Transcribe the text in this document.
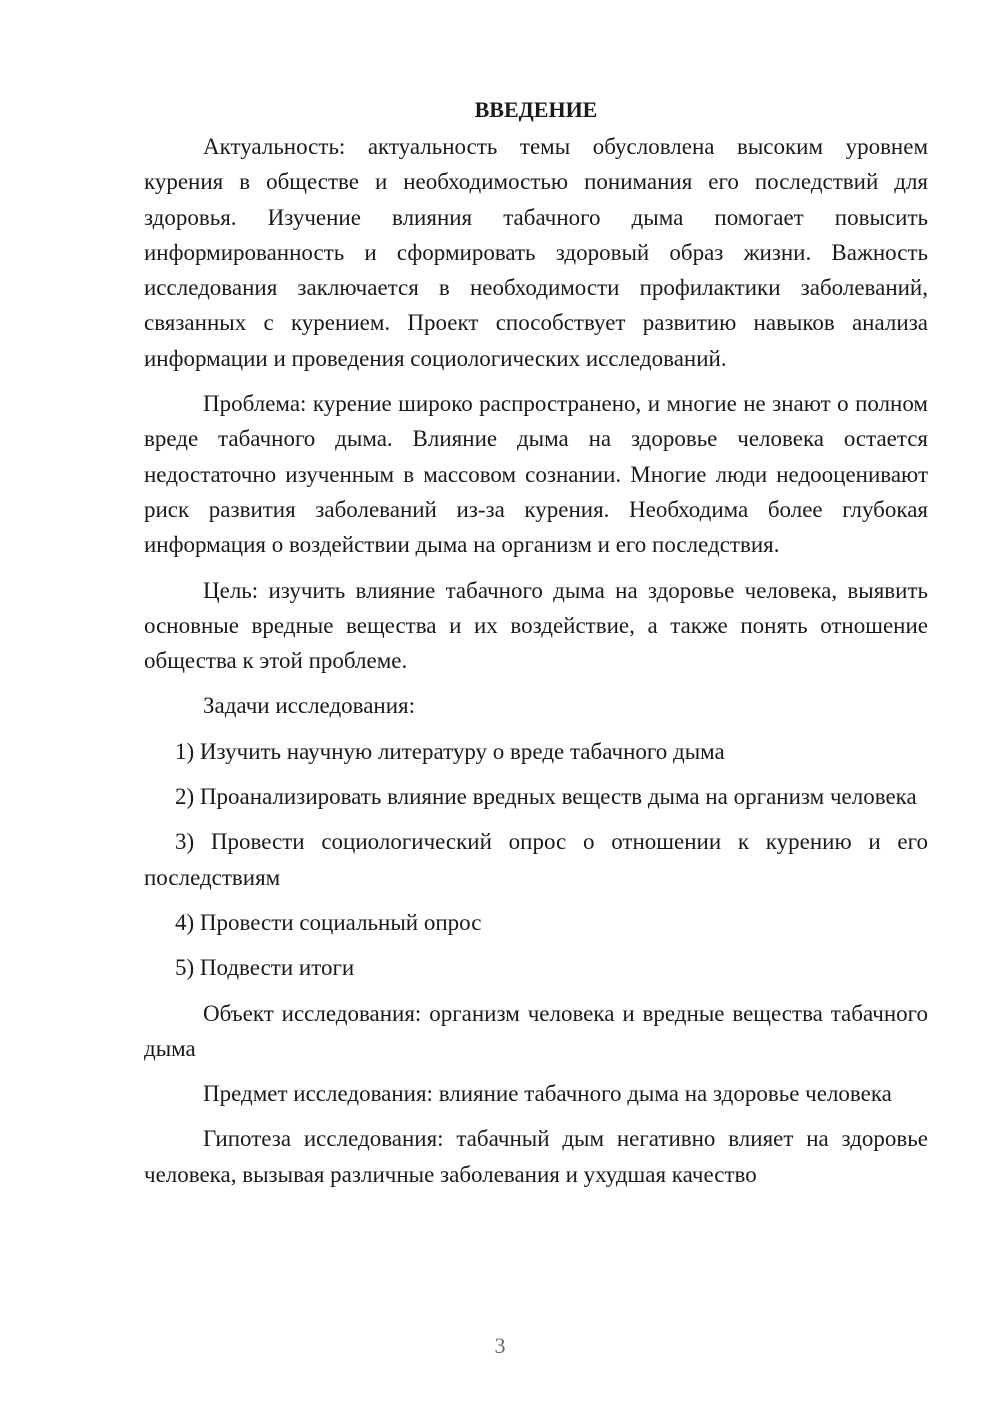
ВВЕДЕНИЕ

Актуальность: актуальность темы обусловлена высоким уровнем курения в обществе и необходимостью понимания его последствий для здоровья. Изучение влияния табачного дыма помогает повысить информированность и сформировать здоровый образ жизни. Важность исследования заключается в необходимости профилактики заболеваний, связанных с курением. Проект способствует развитию навыков анализа информации и проведения социологических исследований.

Проблема: курение широко распространено, и многие не знают о полном вреде табачного дыма. Влияние дыма на здоровье человека остается недостаточно изученным в массовом сознании. Многие люди недооценивают риск развития заболеваний из-за курения. Необходима более глубокая информация о воздействии дыма на организм и его последствия.

Цель: изучить влияние табачного дыма на здоровье человека, выявить основные вредные вещества и их воздействие, а также понять отношение общества к этой проблеме.

Задачи исследования:

1) Изучить научную литературу о вреде табачного дыма

2) Проанализировать влияние вредных веществ дыма на организм человека

3) Провести социологический опрос о отношении к курению и его последствиям

4) Провести социальный опрос

5) Подвести итоги

Объект исследования: организм человека и вредные вещества табачного дыма

Предмет исследования: влияние табачного дыма на здоровье человека

Гипотеза исследования: табачный дым негативно влияет на здоровье человека, вызывая различные заболевания и ухудшая качество

3
